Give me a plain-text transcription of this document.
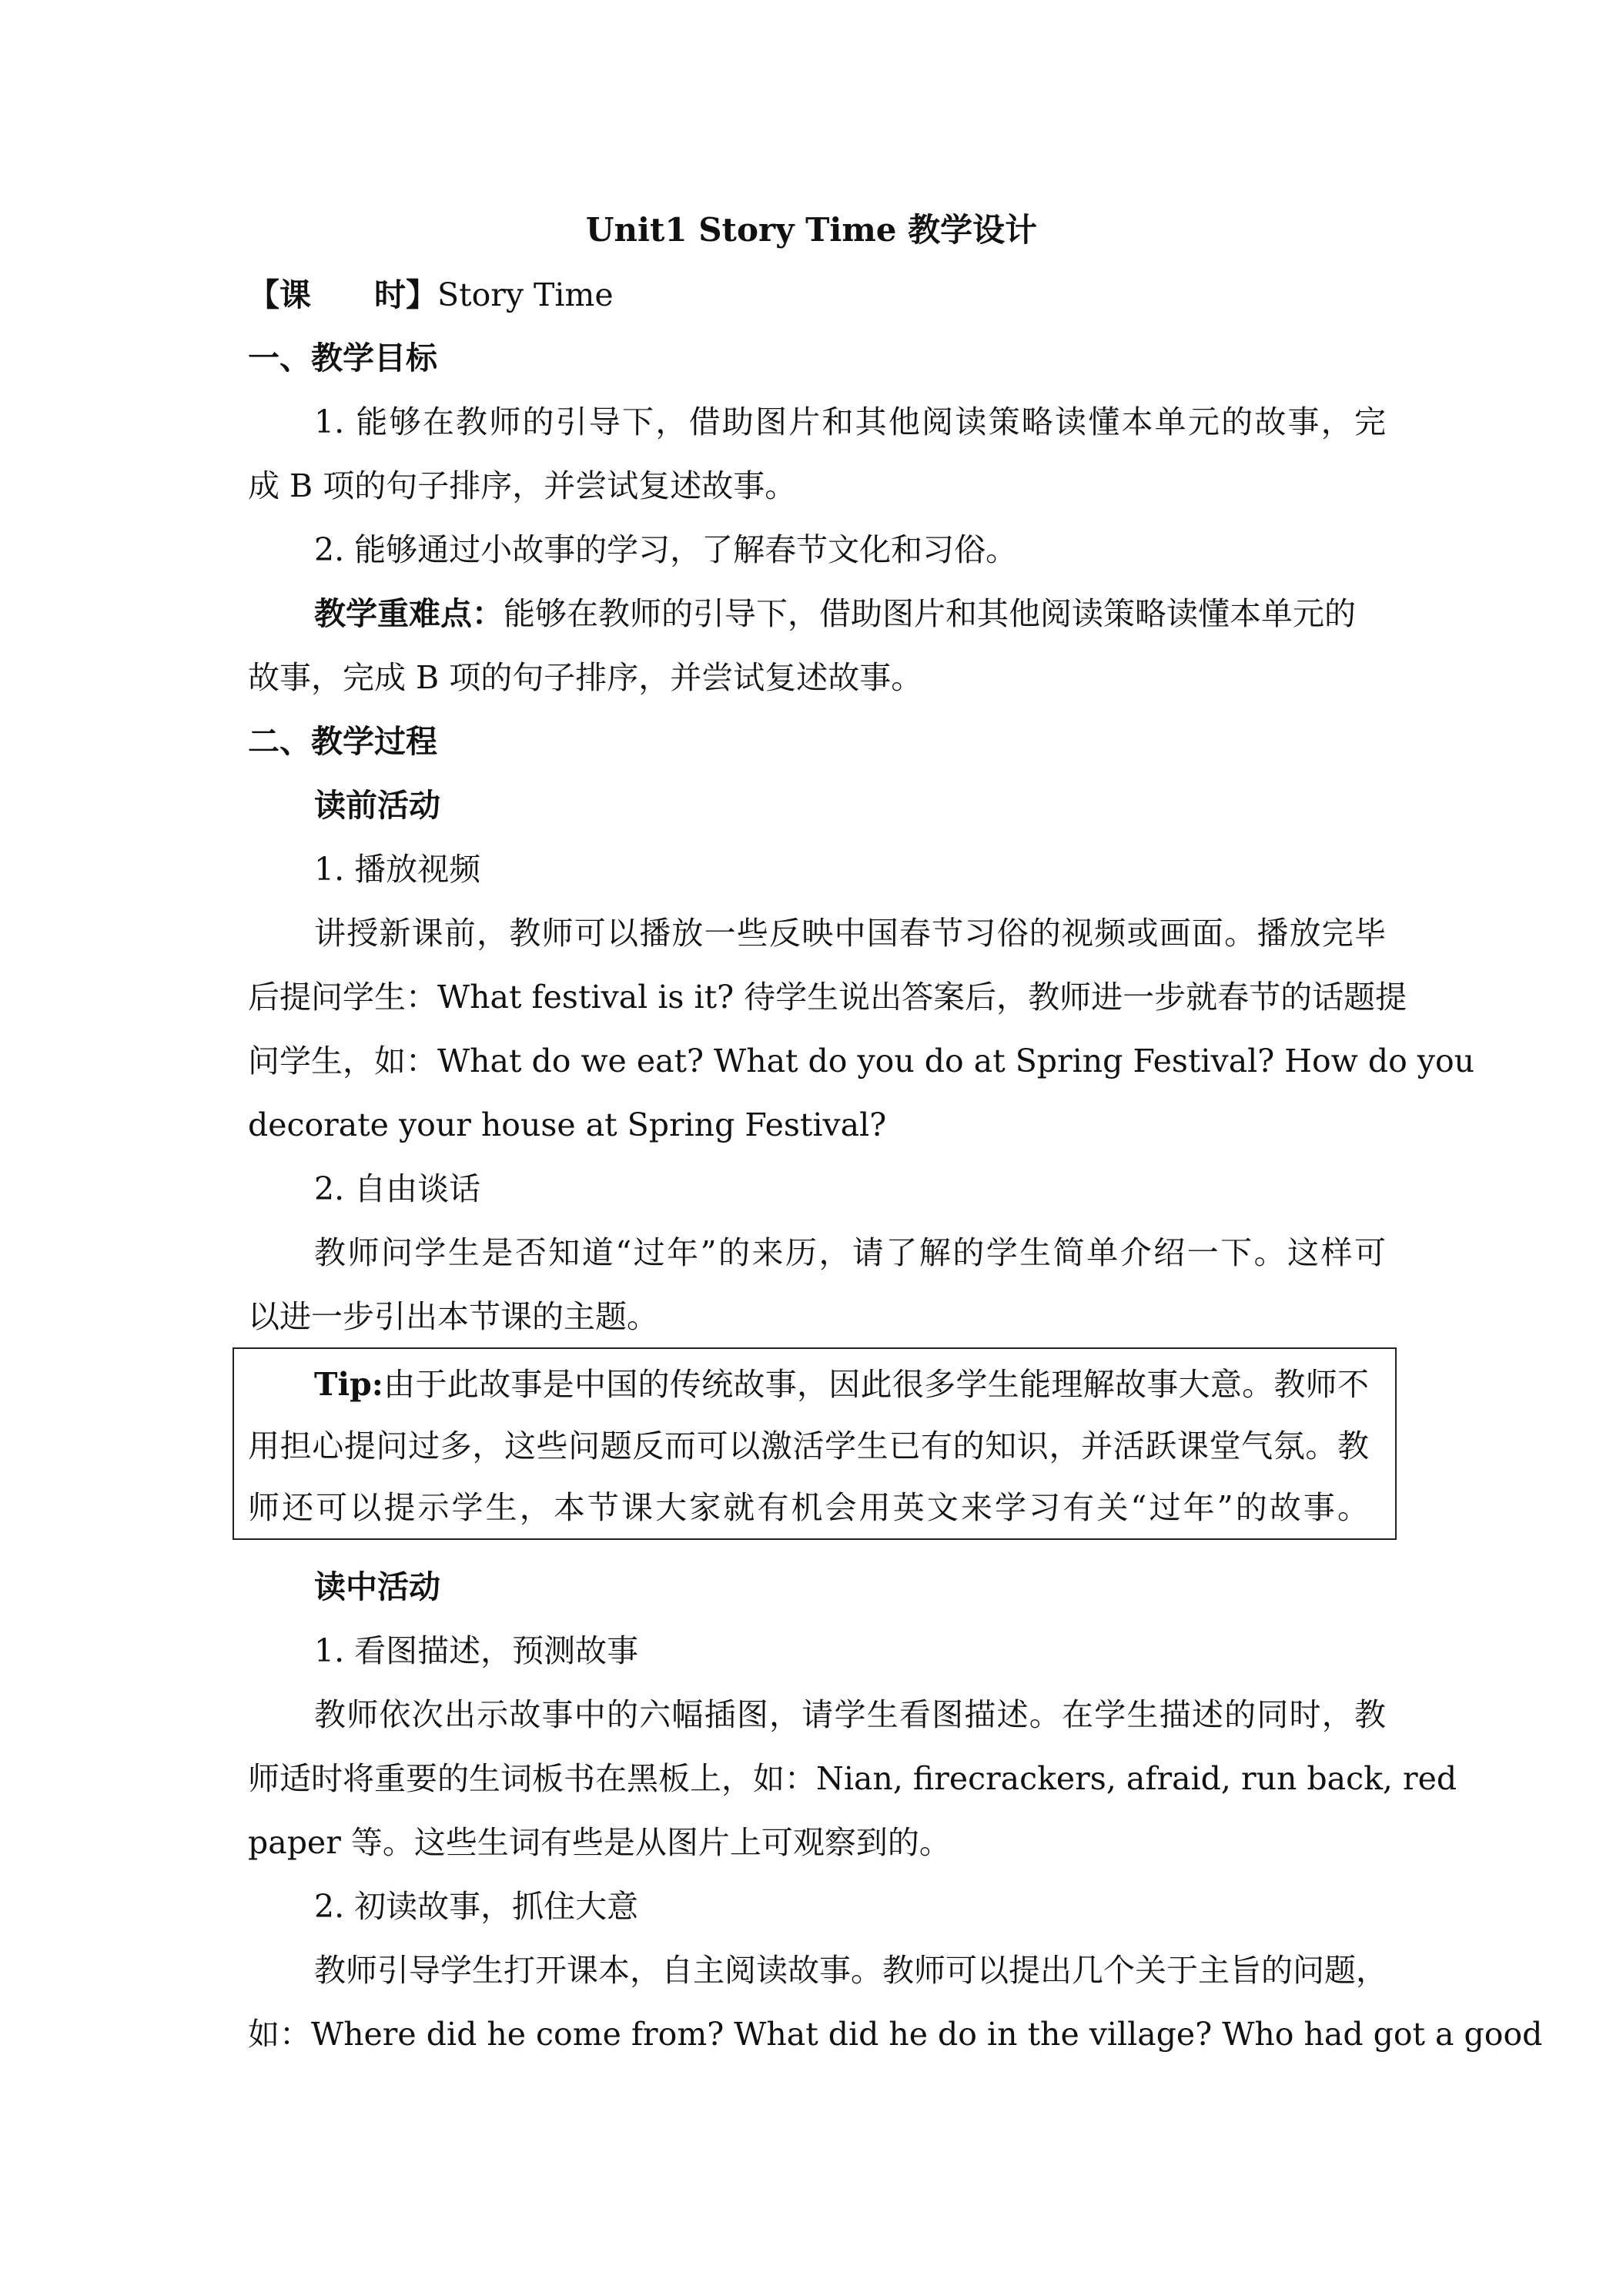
Unit1 Story Time 教学设计
【课　　时】Story Time
一、教学目标
1. 能够在教师的引导下，借助图片和其他阅读策略读懂本单元的故事，完
成 B 项的句子排序，并尝试复述故事。
2. 能够通过小故事的学习，了解春节文化和习俗。
教学重难点：能够在教师的引导下，借助图片和其他阅读策略读懂本单元的
故事，完成 B 项的句子排序，并尝试复述故事。
二、教学过程
读前活动
1. 播放视频
讲授新课前，教师可以播放一些反映中国春节习俗的视频或画面。播放完毕
后提问学生：What festival is it? 待学生说出答案后，教师进一步就春节的话题提
问学生，如：What do we eat? What do you do at Spring Festival? How do you
decorate your house at Spring Festival?
2. 自由谈话
教师问学生是否知道“过年”的来历，请了解的学生简单介绍一下。这样可
以进一步引出本节课的主题。
Tip:由于此故事是中国的传统故事，因此很多学生能理解故事大意。教师不
用担心提问过多，这些问题反而可以激活学生已有的知识，并活跃课堂气氛。教
师还可以提示学生，本节课大家就有机会用英文来学习有关“过年”的故事。
读中活动
1. 看图描述，预测故事
教师依次出示故事中的六幅插图，请学生看图描述。在学生描述的同时，教
师适时将重要的生词板书在黑板上，如：Nian, firecrackers, afraid, run back, red
paper 等。这些生词有些是从图片上可观察到的。
2. 初读故事，抓住大意
教师引导学生打开课本，自主阅读故事。教师可以提出几个关于主旨的问题，
如：Where did he come from? What did he do in the village? Who had got a good
